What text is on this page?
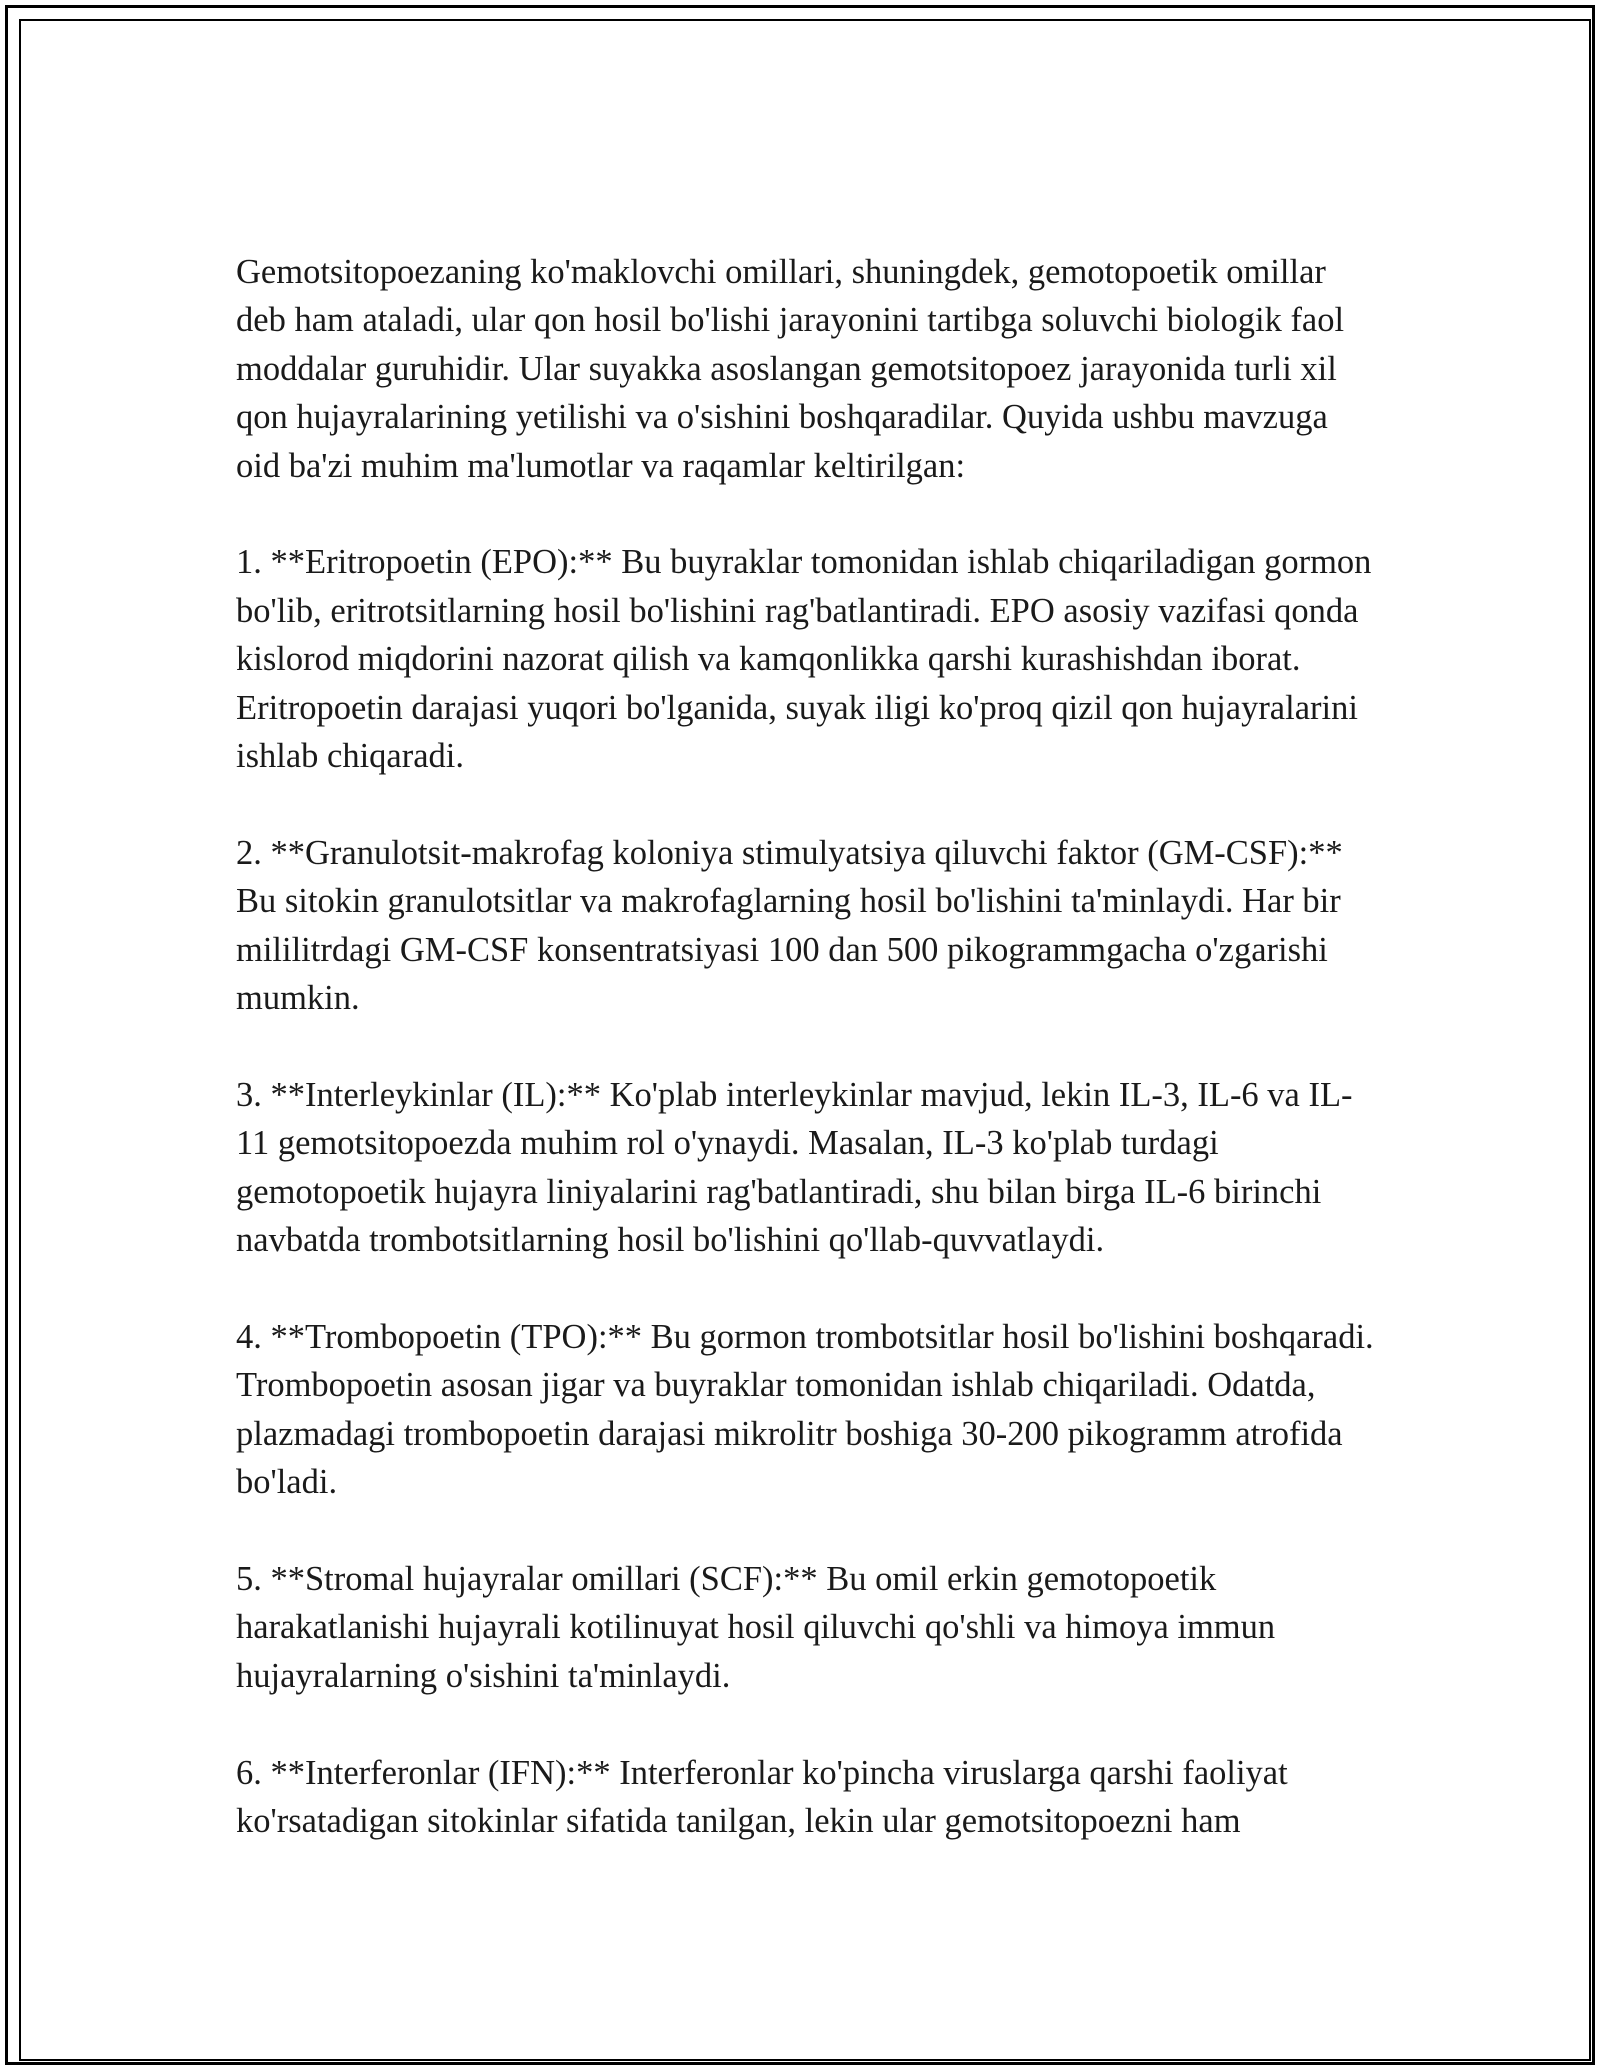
Gemotsitopoezaning ko'maklovchi omillari, shuningdek, gemotopoetik omillar deb ham ataladi, ular qon hosil bo'lishi jarayonini tartibga soluvchi biologik faol moddalar guruhidir. Ular suyakka asoslangan gemotsitopoez jarayonida turli xil qon hujayralarining yetilishi va o'sishini boshqaradilar. Quyida ushbu mavzuga oid ba'zi muhim ma'lumotlar va raqamlar keltirilgan:

1. **Eritropoetin (EPO):** Bu buyraklar tomonidan ishlab chiqariladigan gormon bo'lib, eritrotsitlarning hosil bo'lishini rag'batlantiradi. EPO asosiy vazifasi qonda kislorod miqdorini nazorat qilish va kamqonlikka qarshi kurashishdan iborat. Eritropoetin darajasi yuqori bo'lganida, suyak iligi ko'proq qizil qon hujayralarini ishlab chiqaradi.

2. **Granulotsit-makrofag koloniya stimulyatsiya qiluvchi faktor (GM-CSF):** Bu sitokin granulotsitlar va makrofaglarning hosil bo'lishini ta'minlaydi. Har bir mililitrdagi GM-CSF konsentratsiyasi 100 dan 500 pikogrammgacha o'zgarishi mumkin.

3. **Interleykinlar (IL):** Ko'plab interleykinlar mavjud, lekin IL-3, IL-6 va IL-11 gemotsitopoezda muhim rol o'ynaydi. Masalan, IL-3 ko'plab turdagi gemotopoetik hujayra liniyalarini rag'batlantiradi, shu bilan birga IL-6 birinchi navbatda trombotsitlarning hosil bo'lishini qo'llab-quvvatlaydi.

4. **Trombopoetin (TPO):** Bu gormon trombotsitlar hosil bo'lishini boshqaradi. Trombopoetin asosan jigar va buyraklar tomonidan ishlab chiqariladi. Odatda, plazmadagi trombopoetin darajasi mikrolitr boshiga 30-200 pikogramm atrofida bo'ladi.

5. **Stromal hujayralar omillari (SCF):** Bu omil erkin gemotopoetik harakatlanishi hujayrali kotilinuyat hosil qiluvchi qo'shli va himoya immun hujayralarning o'sishini ta'minlaydi.

6. **Interferonlar (IFN):** Interferonlar ko'pincha viruslarga qarshi faoliyat ko'rsatadigan sitokinlar sifatida tanilgan, lekin ular gemotsitopoezni ham
